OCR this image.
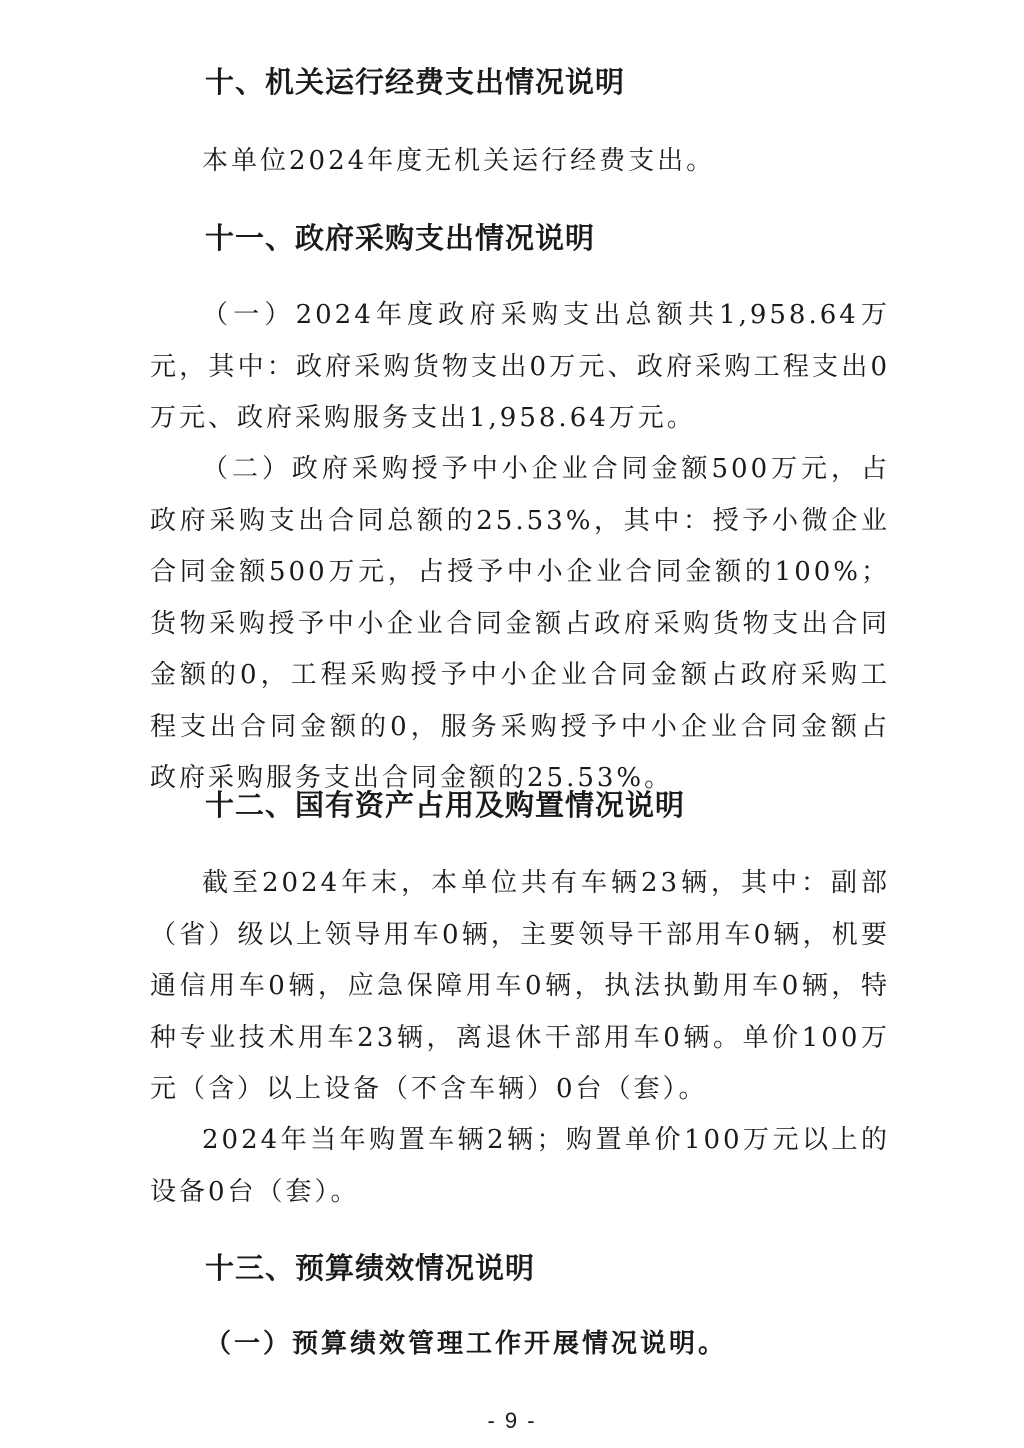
十、机关运行经费支出情况说明

本单位2024年度无机关运行经费支出。

十一、政府采购支出情况说明

（一）2024年度政府采购支出总额共1,958.64万元，其中：政府采购货物支出0万元、政府采购工程支出0万元、政府采购服务支出1,958.64万元。

（二）政府采购授予中小企业合同金额500万元，占政府采购支出合同总额的25.53%，其中：授予小微企业合同金额500万元，占授予中小企业合同金额的100%；货物采购授予中小企业合同金额占政府采购货物支出合同金额的0，工程采购授予中小企业合同金额占政府采购工程支出合同金额的0，服务采购授予中小企业合同金额占政府采购服务支出合同金额的25.53%。

十二、国有资产占用及购置情况说明

截至2024年末，本单位共有车辆23辆，其中：副部（省）级以上领导用车0辆，主要领导干部用车0辆，机要通信用车0辆，应急保障用车0辆，执法执勤用车0辆，特种专业技术用车23辆，离退休干部用车0辆。单价100万元（含）以上设备（不含车辆）0台（套）。

2024年当年购置车辆2辆；购置单价100万元以上的设备0台（套）。

十三、预算绩效情况说明

（一）预算绩效管理工作开展情况说明。

- 9 -
